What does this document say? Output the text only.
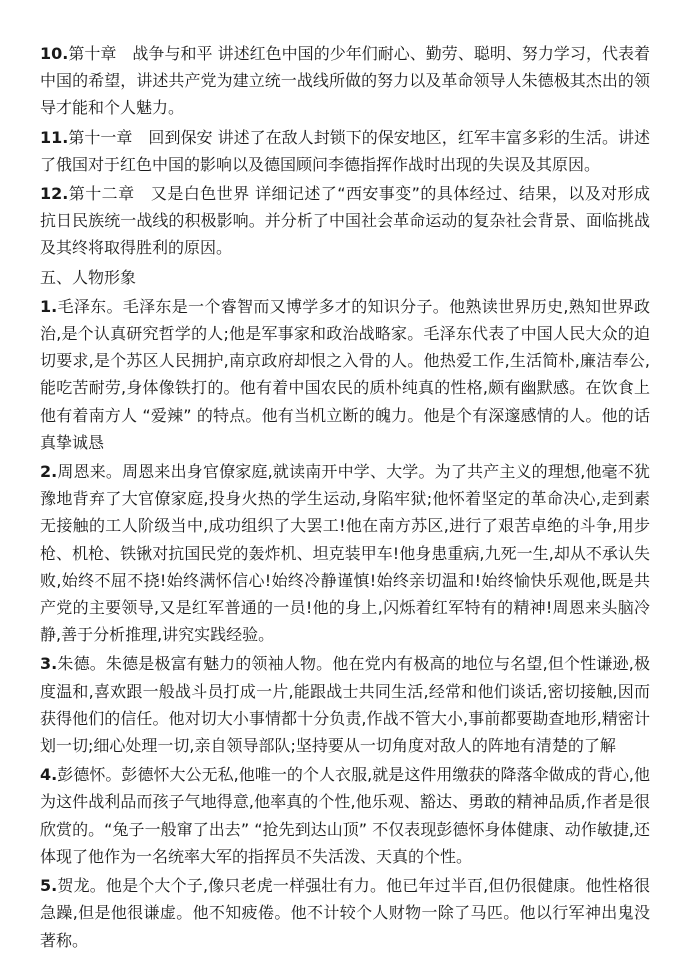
10.第十章　战争与和平 讲述红色中国的少年们耐心、勤劳、聪明、努力学习，代表着中国的希望，讲述共产党为建立统一战线所做的努力以及革命领导人朱德极其杰出的领导才能和个人魅力。

11.第十一章　回到保安 讲述了在敌人封锁下的保安地区，红军丰富多彩的生活。讲述了俄国对于红色中国的影响以及德国顾问李德指挥作战时出现的失误及其原因。

12.第十二章　又是白色世界 详细记述了“西安事变”的具体经过、结果，以及对形成抗日民族统一战线的积极影响。并分析了中国社会革命运动的复杂社会背景、面临挑战及其终将取得胜利的原因。

五、人物形象

1.毛泽东。毛泽东是一个睿智而又博学多才的知识分子。他熟读世界历史,熟知世界政治,是个认真研究哲学的人;他是军事家和政治战略家。毛泽东代表了中国人民大众的迫切要求,是个苏区人民拥护,南京政府却恨之入骨的人。他热爱工作,生活简朴,廉洁奉公,能吃苦耐劳,身体像铁打的。他有着中国农民的质朴纯真的性格,颇有幽默感。在饮食上他有着南方人 “爱辣” 的特点。他有当机立断的魄力。他是个有深邃感情的人。他的话真挚诚恳

2.周恩来。周恩来出身官僚家庭,就读南开中学、大学。为了共产主义的理想,他毫不犹豫地背弃了大官僚家庭,投身火热的学生运动,身陷牢狱;他怀着坚定的革命决心,走到素无接触的工人阶级当中,成功组织了大罢工!他在南方苏区,进行了艰苦卓绝的斗争,用步枪、机枪、铁锹对抗国民党的轰炸机、坦克装甲车!他身患重病,九死一生,却从不承认失败,始终不屈不挠!始终满怀信心!始终冷静谨慎!始终亲切温和!始终愉快乐观他,既是共产党的主要领导,又是红军普通的一员!他的身上,闪烁着红军特有的精神!周恩来头脑冷静,善于分析推理,讲究实践经验。

3.朱德。朱德是极富有魅力的领袖人物。他在党内有极高的地位与名望,但个性谦逊,极度温和,喜欢跟一般战斗员打成一片,能跟战士共同生活,经常和他们谈话,密切接触,因而获得他们的信任。他对切大小事情都十分负责,作战不管大小,事前都要勘查地形,精密计划一切;细心处理一切,亲自领导部队;坚持要从一切角度对敌人的阵地有清楚的了解

4.彭德怀。彭德怀大公无私,他唯一的个人衣服,就是这件用缴获的降落伞做成的背心,他为这件战利品而孩子气地得意,他率真的个性,他乐观、豁达、勇敢的精神品质,作者是很欣赏的。“兔子一般窜了出去” “抢先到达山顶” 不仅表现彭德怀身体健康、动作敏捷,还体现了他作为一名统率大军的指挥员不失活泼、天真的个性。

5.贺龙。他是个大个子,像只老虎一样强壮有力。他已年过半百,但仍很健康。他性格很急躁,但是他很谦虚。他不知疲倦。他不计较个人财物一除了马匹。他以行军神出鬼没著称。
